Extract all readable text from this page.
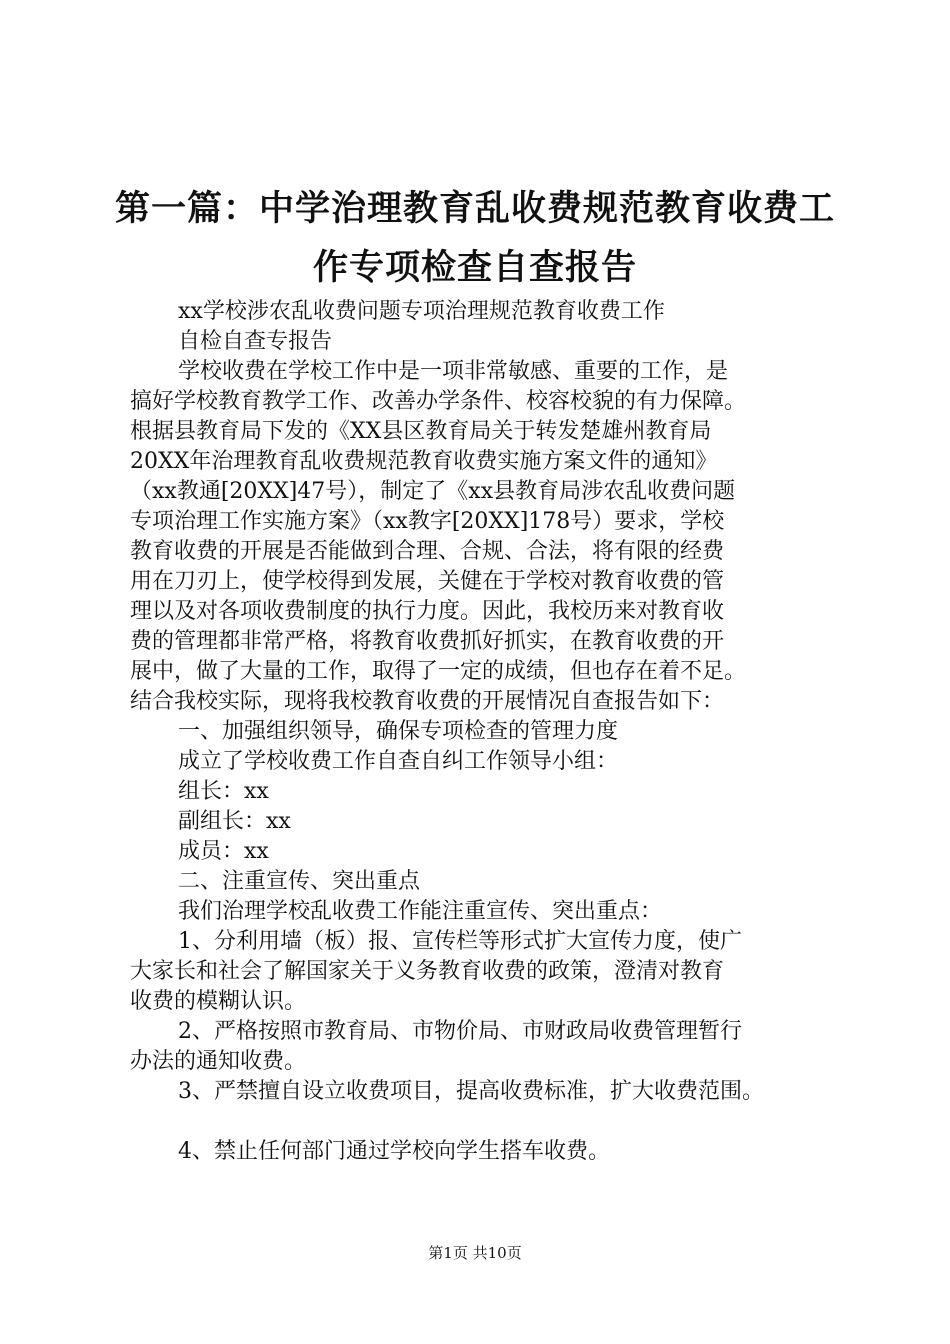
第一篇：中学治理教育乱收费规范教育收费工
作专项检查自查报告
xx学校涉农乱收费问题专项治理规范教育收费工作
自检自查专报告
学校收费在学校工作中是一项非常敏感、重要的工作，是
搞好学校教育教学工作、改善办学条件、校容校貌的有力保障。
根据县教育局下发的《XX县区教育局关于转发楚雄州教育局
20XX年治理教育乱收费规范教育收费实施方案文件的通知》
（xx教通[20XX]47号），制定了《xx县教育局涉农乱收费问题
专项治理工作实施方案》（xx教字[20XX]178号）要求，学校
教育收费的开展是否能做到合理、合规、合法，将有限的经费
用在刀刃上，使学校得到发展，关健在于学校对教育收费的管
理以及对各项收费制度的执行力度。因此，我校历来对教育收
费的管理都非常严格，将教育收费抓好抓实，在教育收费的开
展中，做了大量的工作，取得了一定的成绩，但也存在着不足。
结合我校实际，现将我校教育收费的开展情况自查报告如下：
一、加强组织领导，确保专项检查的管理力度
成立了学校收费工作自查自纠工作领导小组：
组长：xx
副组长：xx
成员：xx
二、注重宣传、突出重点
我们治理学校乱收费工作能注重宣传、突出重点：
1、分利用墙（板）报、宣传栏等形式扩大宣传力度，使广
大家长和社会了解国家关于义务教育收费的政策，澄清对教育
收费的模糊认识。
2、严格按照市教育局、市物价局、市财政局收费管理暂行
办法的通知收费。
3、严禁擅自设立收费项目，提高收费标准，扩大收费范围。
4、禁止任何部门通过学校向学生搭车收费。
第1页 共10页
